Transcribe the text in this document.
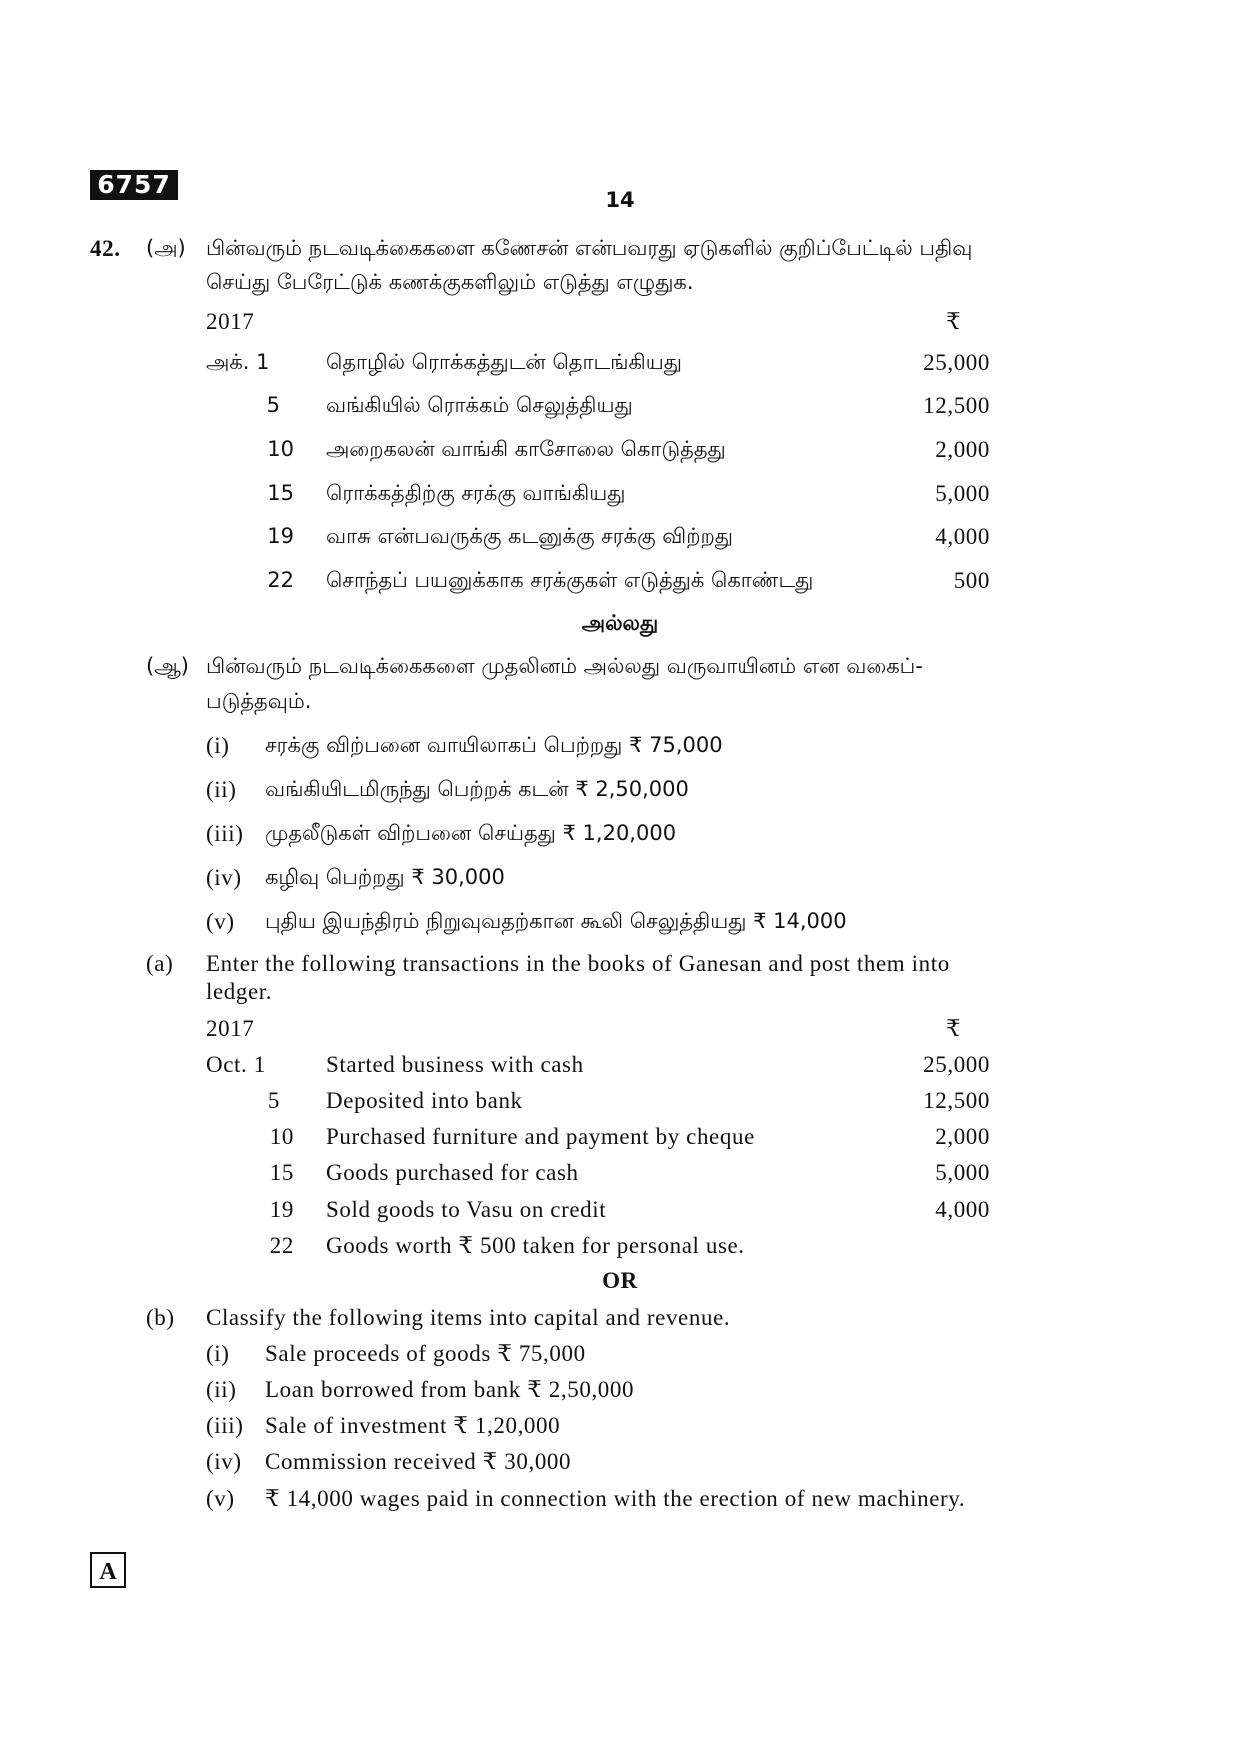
6757
14
42. (அ) பின்வரும் நடவடிக்கைகளை கணேசன் என்பவரது ஏடுகளில் குறிப்பேட்டில் பதிவு
செய்து பேரேட்டுக் கணக்குகளிலும் எடுத்து எழுதுக.
2017	₹
அக். 1	தொழில் ரொக்கத்துடன் தொடங்கியது	25,000
5 வங்கியில் ரொக்கம் செலுத்தியது	12,500
10 அறைகலன் வாங்கி காசோலை கொடுத்தது	2,000
15 ரொக்கத்திற்கு சரக்கு வாங்கியது	5,000
19 வாசு என்பவருக்கு கடனுக்கு சரக்கு விற்றது	4,000
22 சொந்தப் பயனுக்காக சரக்குகள் எடுத்துக் கொண்டது	500
அல்லது
(ஆ) பின்வரும் நடவடிக்கைகளை முதலினம் அல்லது வருவாயினம் என வகைப்-
படுத்தவும்.
(i) சரக்கு விற்பனை வாயிலாகப் பெற்றது ₹ 75,000
(ii) வங்கியிடமிருந்து பெற்றக் கடன் ₹ 2,50,000
(iii) முதலீடுகள் விற்பனை செய்தது ₹ 1,20,000
(iv) கழிவு பெற்றது ₹ 30,000
(v) புதிய இயந்திரம் நிறுவுவதற்கான கூலி செலுத்தியது ₹ 14,000
(a) Enter the following transactions in the books of Ganesan and post them into
ledger.
2017	₹
Oct. 1	Started business with cash	25,000
5 Deposited into bank	12,500
10 Purchased furniture and payment by cheque	2,000
15 Goods purchased for cash	5,000
19 Sold goods to Vasu on credit	4,000
22 Goods worth ₹ 500 taken for personal use.
OR
(b) Classify the following items into capital and revenue.
(i) Sale proceeds of goods ₹ 75,000
(ii) Loan borrowed from bank ₹ 2,50,000
(iii) Sale of investment ₹ 1,20,000
(iv) Commission received ₹ 30,000
(v) ₹ 14,000 wages paid in connection with the erection of new machinery.
A
